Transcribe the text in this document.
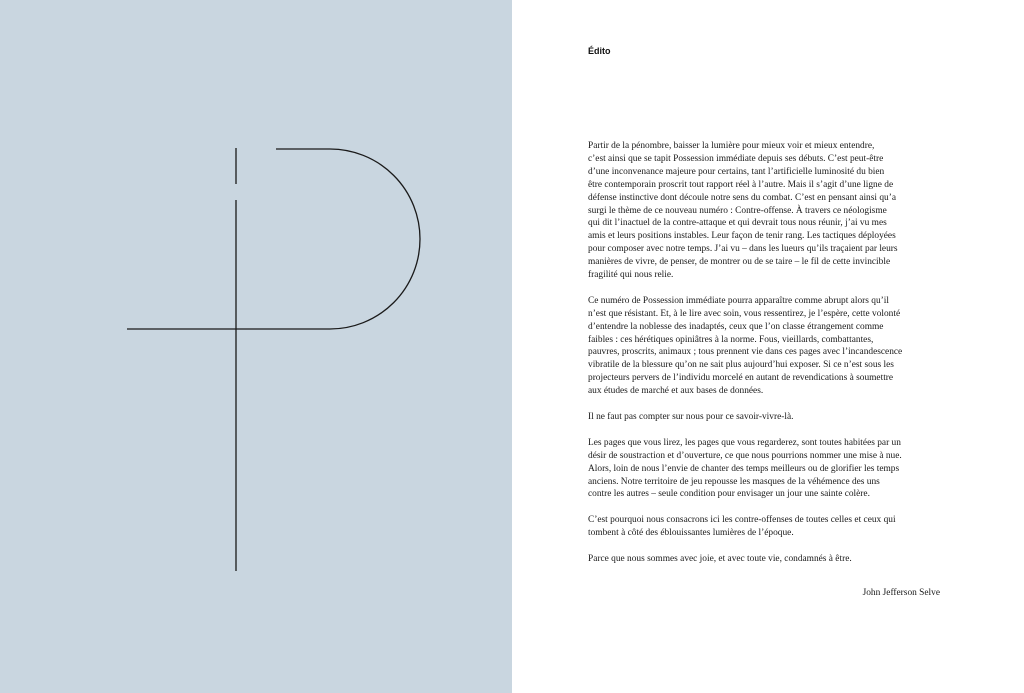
Édito

Partir de la pénombre, baisser la lumière pour mieux voir et mieux entendre,
c’est ainsi que se tapit Possession immédiate depuis ses débuts. C’est peut-être
d’une inconvenance majeure pour certains, tant l’artificielle luminosité du bien
être contemporain proscrit tout rapport réel à l’autre. Mais il s’agit d’une ligne de
défense instinctive dont découle notre sens du combat. C’est en pensant ainsi qu’a
surgi le thème de ce nouveau numéro : Contre-offense. À travers ce néologisme
qui dit l’inactuel de la contre-attaque et qui devrait tous nous réunir, j’ai vu mes
amis et leurs positions instables. Leur façon de tenir rang. Les tactiques déployées
pour composer avec notre temps. J’ai vu – dans les lueurs qu’ils traçaient par leurs
manières de vivre, de penser, de montrer ou de se taire – le fil de cette invincible
fragilité qui nous relie.

Ce numéro de Possession immédiate pourra apparaître comme abrupt alors qu’il
n’est que résistant. Et, à le lire avec soin, vous ressentirez, je l’espère, cette volonté
d’entendre la noblesse des inadaptés, ceux que l’on classe étrangement comme
faibles : ces hérétiques opiniâtres à la norme. Fous, vieillards, combattantes,
pauvres, proscrits, animaux ; tous prennent vie dans ces pages avec l’incandescence
vibratile de la blessure qu’on ne sait plus aujourd’hui exposer. Si ce n’est sous les
projecteurs pervers de l’individu morcelé en autant de revendications à soumettre
aux études de marché et aux bases de données.

Il ne faut pas compter sur nous pour ce savoir-vivre-là.

Les pages que vous lirez, les pages que vous regarderez, sont toutes habitées par un
désir de soustraction et d’ouverture, ce que nous pourrions nommer une mise à nue.
Alors, loin de nous l’envie de chanter des temps meilleurs ou de glorifier les temps
anciens. Notre territoire de jeu repousse les masques de la véhémence des uns
contre les autres – seule condition pour envisager un jour une sainte colère.

C’est pourquoi nous consacrons ici les contre-offenses de toutes celles et ceux qui
tombent à côté des éblouissantes lumières de l’époque.

Parce que nous sommes avec joie, et avec toute vie, condamnés à être.

John Jefferson Selve
